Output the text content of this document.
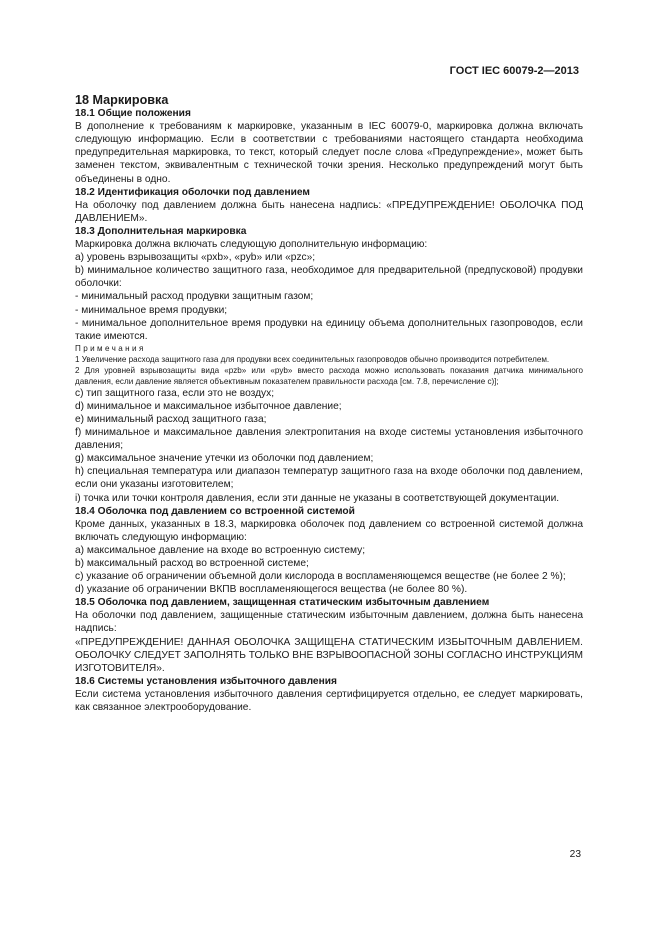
ГОСТ IEC 60079-2—2013

18 Маркировка

18.1 Общие положения

В дополнение к требованиям к маркировке, указанным в IEC 60079-0, маркировка должна включать следующую информацию. Если в соответствии с требованиями настоящего стандарта необходима предупредительная маркировка, то текст, который следует после слова «Предупреждение», может быть заменен текстом, эквивалентным с технической точки зрения. Несколько предупреждений могут быть объединены в одно.

18.2 Идентификация оболочки под давлением

На оболочку под давлением должна быть нанесена надпись: «ПРЕДУПРЕЖДЕНИЕ! ОБОЛОЧКА ПОД ДАВЛЕНИЕМ».

18.3 Дополнительная маркировка

Маркировка должна включать следующую дополнительную информацию:

a) уровень взрывозащиты «pxb», «pyb» или «pzc»;

b) минимальное количество защитного газа, необходимое для предварительной (предпусковой) продувки оболочки:

- минимальный расход продувки защитным газом;

- минимальное время продувки;

- минимальное дополнительное время продувки на единицу объема дополнительных газопроводов, если такие имеются.

Примечания

1 Увеличение расхода защитного газа для продувки всех соединительных газопроводов обычно производится потребителем.

2 Для уровней взрывозащиты вида «pzb» или «pyb» вместо расхода можно использовать показания датчика минимального давления, если давление является объективным показателем правильности расхода [см. 7.8, перечисление с)];

c) тип защитного газа, если это не воздух;

d) минимальное и максимальное избыточное давление;

e) минимальный расход защитного газа;

f) минимальное и максимальное давления электропитания на входе системы установления избыточного давления;

g) максимальное значение утечки из оболочки под давлением;

h) специальная температура или диапазон температур защитного газа на входе оболочки под давлением, если они указаны изготовителем;

i) точка или точки контроля давления, если эти данные не указаны в соответствующей документации.

18.4 Оболочка под давлением со встроенной системой

Кроме данных, указанных в 18.3, маркировка оболочек под давлением со встроенной системой должна включать следующую информацию:

a) максимальное давление на входе во встроенную систему;

b) максимальный расход во встроенной системе;

c) указание об ограничении объемной доли кислорода в воспламеняющемся веществе (не более 2 %);

d) указание об ограничении ВКПВ воспламеняющегося вещества (не более 80 %).

18.5 Оболочка под давлением, защищенная статическим избыточным давлением

На оболочки под давлением, защищенные статическим избыточным давлением, должна быть нанесена надпись:

«ПРЕДУПРЕЖДЕНИЕ! ДАННАЯ ОБОЛОЧКА ЗАЩИЩЕНА СТАТИЧЕСКИМ ИЗБЫТОЧНЫМ ДАВЛЕНИЕМ. ОБОЛОЧКУ СЛЕДУЕТ ЗАПОЛНЯТЬ ТОЛЬКО ВНЕ ВЗРЫВООПАСНОЙ ЗОНЫ СОГЛАСНО ИНСТРУКЦИЯМ ИЗГОТОВИТЕЛЯ».

18.6 Системы установления избыточного давления

Если система установления избыточного давления сертифицируется отдельно, ее следует маркировать, как связанное электрооборудование.

23
